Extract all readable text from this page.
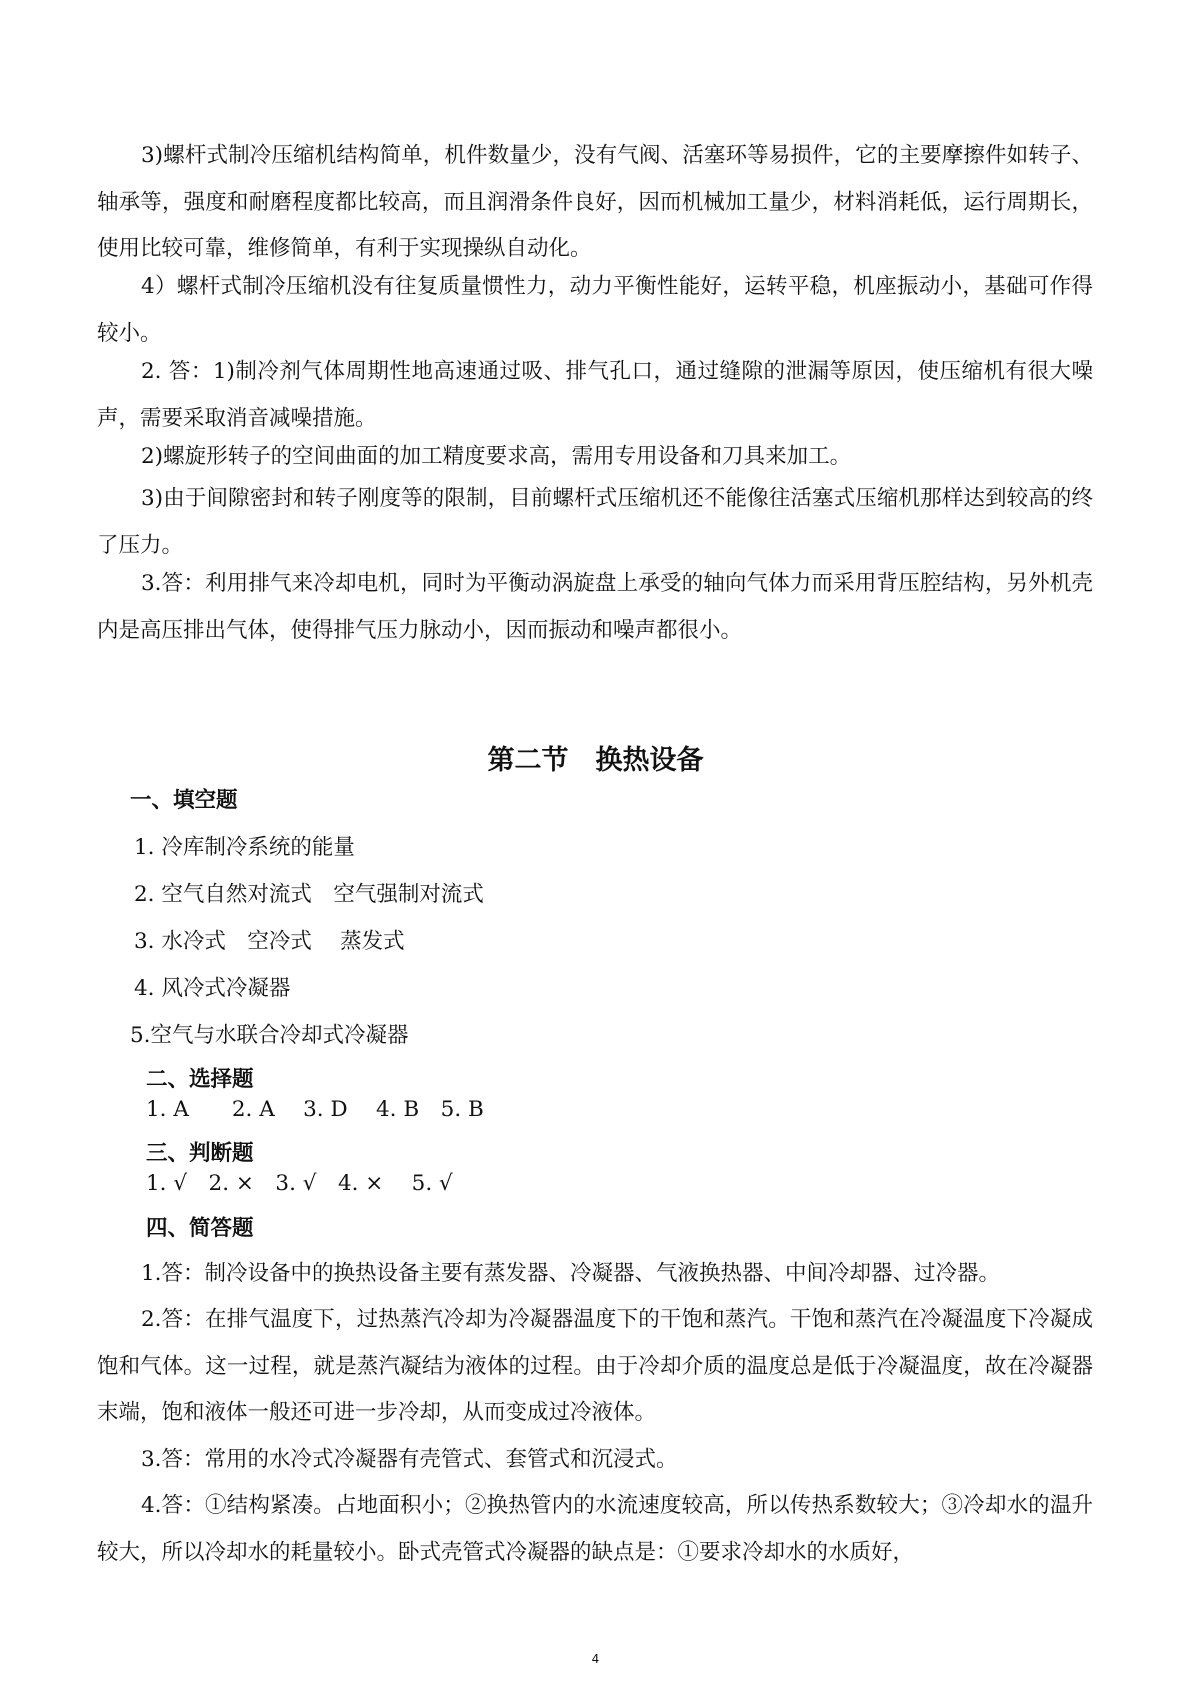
3)螺杆式制冷压缩机结构简单，机件数量少，没有气阀、活塞环等易损件，它的主要摩擦件如转子、轴承等，强度和耐磨程度都比较高，而且润滑条件良好，因而机械加工量少，材料消耗低，运行周期长，使用比较可靠，维修简单，有利于实现操纵自动化。

4）螺杆式制冷压缩机没有往复质量惯性力，动力平衡性能好，运转平稳，机座振动小，基础可作得较小。

2. 答：1)制冷剂气体周期性地高速通过吸、排气孔口，通过缝隙的泄漏等原因，使压缩机有很大噪声，需要采取消音减噪措施。

2)螺旋形转子的空间曲面的加工精度要求高，需用专用设备和刀具来加工。

3)由于间隙密封和转子刚度等的限制，目前螺杆式压缩机还不能像往活塞式压缩机那样达到较高的终了压力。

3.答：利用排气来冷却电机，同时为平衡动涡旋盘上承受的轴向气体力而采用背压腔结构，另外机壳内是高压排出气体，使得排气压力脉动小，因而振动和噪声都很小。

第二节　换热设备
一、填空题

1. 冷库制冷系统的能量

2. 空气自然对流式　空气强制对流式

3. 水冷式　空冷式　 蒸发式

4. 风冷式冷凝器

5.空气与水联合冷却式冷凝器

二、选择题

1. A　　2. A　 3. D　 4. B　5. B

三、判断题

1. √　2. ×　3. √　4. ×　 5. √

四、简答题

1.答：制冷设备中的换热设备主要有蒸发器、冷凝器、气液换热器、中间冷却器、过冷器。

2.答：在排气温度下，过热蒸汽冷却为冷凝器温度下的干饱和蒸汽。干饱和蒸汽在冷凝温度下冷凝成饱和气体。这一过程，就是蒸汽凝结为液体的过程。由于冷却介质的温度总是低于冷凝温度，故在冷凝器末端，饱和液体一般还可进一步冷却，从而变成过冷液体。

3.答：常用的水冷式冷凝器有壳管式、套管式和沉浸式。

4.答：①结构紧凑。占地面积小；②换热管内的水流速度较高，所以传热系数较大；③冷却水的温升较大，所以冷却水的耗量较小。卧式壳管式冷凝器的缺点是：①要求冷却水的水质好，

4
